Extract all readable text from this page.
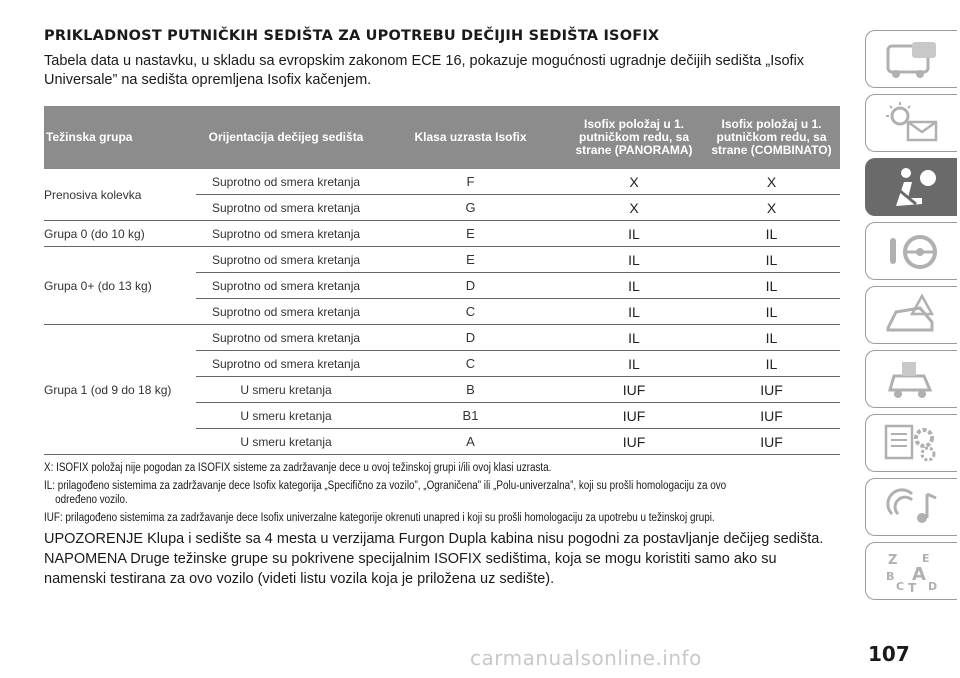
PRIKLADNOST PUTNIČKIH SEDIŠTA ZA UPOTREBU DEČIJIH SEDIŠTA ISOFIX

Tabela data u nastavku, u skladu sa evropskim zakonom ECE 16, pokazuje mogućnosti ugradnje dečijih sedišta „Isofix Universale” na sedišta opremljena Isofix kačenjem.

Težinska grupa	Orijentacija dečijeg sedišta	Klasa uzrasta Isofix	Isofix položaj u 1. putničkom redu, sa strane (PANORAMA)	Isofix položaj u 1. putničkom redu, sa strane (COMBINATO)
Prenosiva kolevka	Suprotno od smera kretanja	F	X	X
	Suprotno od smera kretanja	G	X	X
Grupa 0 (do 10 kg)	Suprotno od smera kretanja	E	IL	IL
Grupa 0+ (do 13 kg)	Suprotno od smera kretanja	E	IL	IL
	Suprotno od smera kretanja	D	IL	IL
	Suprotno od smera kretanja	C	IL	IL
Grupa 1 (od 9 do 18 kg)	Suprotno od smera kretanja	D	IL	IL
	Suprotno od smera kretanja	C	IL	IL
	U smeru kretanja	B	IUF	IUF
	U smeru kretanja	B1	IUF	IUF
	U smeru kretanja	A	IUF	IUF

X: ISOFIX položaj nije pogodan za ISOFIX sisteme za zadržavanje dece u ovoj težinskoj grupi i/ili ovoj klasi uzrasta.

IL: prilagođeno sistemima za zadržavanje dece Isofix kategorija „Specifično za vozilo”, „Ograničena” ili „Polu-univerzalna”, koji su prošli homologaciju za ovo
određeno vozilo.

IUF: prilagođeno sistemima za zadržavanje dece Isofix univerzalne kategorije okrenuti unapred i koji su prošli homologaciju za upotrebu u težinskoj grupi.

UPOZORENJE Klupa i sedište sa 4 mesta u verzijama Furgon Dupla kabina nisu pogodni za postavljanje dečijeg sedišta.

NAPOMENA Druge težinske grupe su pokrivene specijalnim ISOFIX sedištima, koja se mogu koristiti samo ako su namenski testirana za ovo vozilo (videti listu vozila koja je priložena uz sedište).

Z E
B A
C T D
carmanualsonline.info	107
